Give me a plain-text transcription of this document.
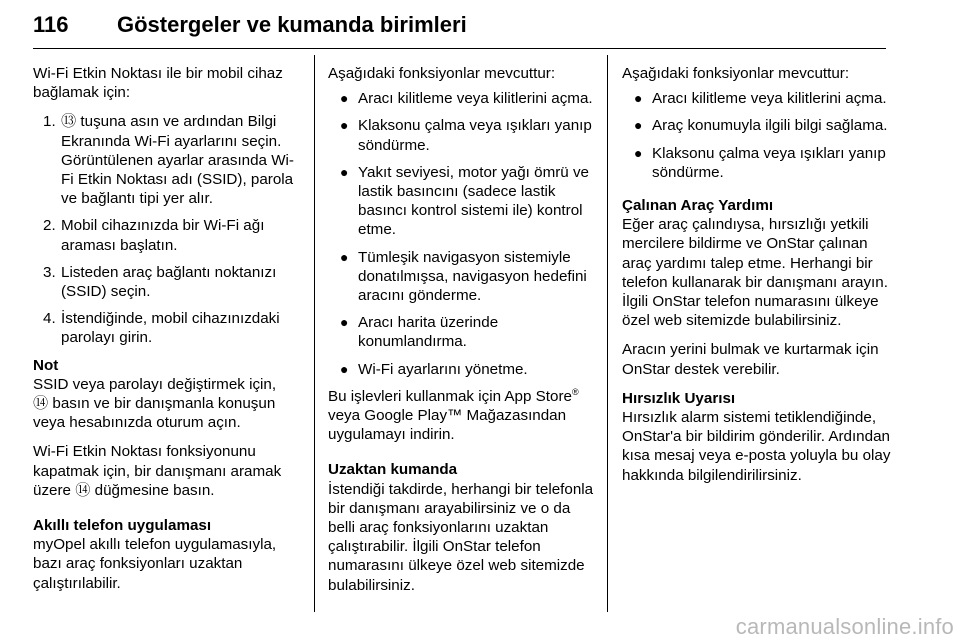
116 Göstergeler ve kumanda birimleri

Wi-Fi Etkin Noktası ile bir mobil cihaz bağlamak için:

1. ⑬ tuşuna asın ve ardından Bilgi Ekranında Wi-Fi ayarlarını seçin. Görüntülenen ayarlar arasında Wi-Fi Etkin Noktası adı (SSID), parola ve bağlantı tipi yer alır.
2. Mobil cihazınızda bir Wi-Fi ağı araması başlatın.
3. Listeden araç bağlantı noktanızı (SSID) seçin.
4. İstendiğinde, mobil cihazınızdaki parolayı girin.

Not

SSID veya parolayı değiştirmek için,
⑭ basın ve bir danışmanla konuşun veya hesabınızda oturum açın.

Wi-Fi Etkin Noktası fonksiyonunu kapatmak için, bir danışmanı aramak üzere ⑭ düğmesine basın.

Akıllı telefon uygulaması

myOpel akıllı telefon uygulamasıyla, bazı araç fonksiyonları uzaktan çalıştırılabilir.

Aşağıdaki fonksiyonlar mevcuttur:

● Aracı kilitleme veya kilitlerini açma.
● Klaksonu çalma veya ışıkları yanıp söndürme.
● Yakıt seviyesi, motor yağı ömrü ve lastik basıncını (sadece lastik basıncı kontrol sistemi ile) kontrol etme.
● Tümleşik navigasyon sistemiyle donatılmışsa, navigasyon hedefini aracını gönderme.
● Aracı harita üzerinde konumlandırma.
● Wi-Fi ayarlarını yönetme.

Bu işlevleri kullanmak için App Store® veya Google Play™ Mağazasından uygulamayı indirin.

Uzaktan kumanda

İstendiği takdirde, herhangi bir telefonla bir danışmanı arayabilirsiniz ve o da belli araç fonksiyonlarını uzaktan çalıştırabilir. İlgili OnStar telefon numarasını ülkeye özel web sitemizde bulabilirsiniz.

Aşağıdaki fonksiyonlar mevcuttur:

● Aracı kilitleme veya kilitlerini açma.
● Araç konumuyla ilgili bilgi sağlama.
● Klaksonu çalma veya ışıkları yanıp söndürme.

Çalınan Araç Yardımı

Eğer araç çalındıysa, hırsızlığı yetkili mercilere bildirme ve OnStar çalınan araç yardımı talep etme. Herhangi bir telefon kullanarak bir danışmanı arayın. İlgili OnStar telefon numarasını ülkeye özel web sitemizde bulabilirsiniz.

Aracın yerini bulmak ve kurtarmak için OnStar destek verebilir.

Hırsızlık Uyarısı

Hırsızlık alarm sistemi tetiklendiğinde, OnStar'a bir bildirim gönderilir. Ardından kısa mesaj veya e-posta yoluyla bu olay hakkında bilgilendirilirsiniz.

carmanualsonline.info
